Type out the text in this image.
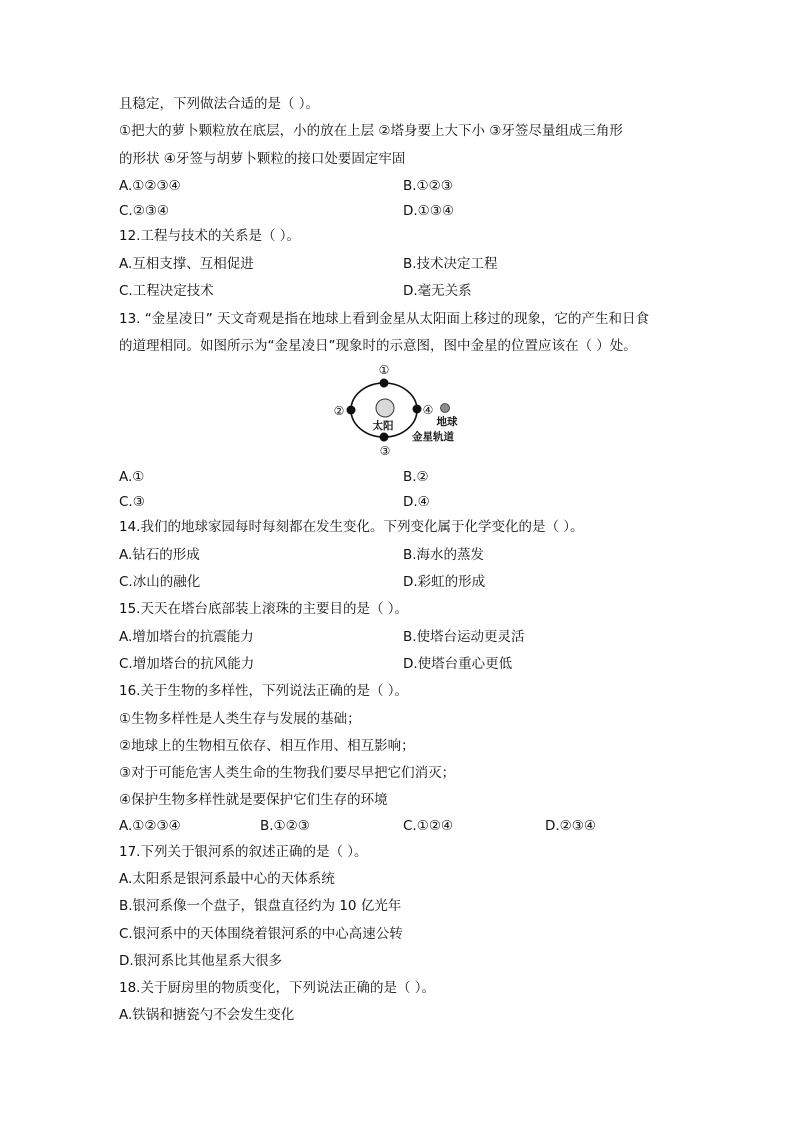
且稳定，下列做法合适的是（ ）。
①把大的萝卜颗粒放在底层，小的放在上层 ②塔身要上大下小 ③牙签尽量组成三角形
的形状 ④牙签与胡萝卜颗粒的接口处要固定牢固
A.①②③④	B.①②③
C.②③④	D.①③④
12.工程与技术的关系是（ ）。
A.互相支撑、互相促进	B.技术决定工程
C.工程决定技术	D.毫无关系
13. “金星凌日” 天文奇观是指在地球上看到金星从太阳面上移过的现象，它的产生和日食
的道理相同。如图所示为“金星凌日”现象时的示意图，图中金星的位置应该在（ ）处。
太阳
①
②
③
④
地球
金星轨道
A.①	B.②
C.③	D.④
14.我们的地球家园每时每刻都在发生变化。下列变化属于化学变化的是（ ）。
A.钻石的形成	B.海水的蒸发
C.冰山的融化	D.彩虹的形成
15.天天在塔台底部装上滚珠的主要目的是（ ）。
A.增加塔台的抗震能力	B.使塔台运动更灵活
C.增加塔台的抗风能力	D.使塔台重心更低
16.关于生物的多样性，下列说法正确的是（ ）。
①生物多样性是人类生存与发展的基础；
②地球上的生物相互依存、相互作用、相互影响；
③对于可能危害人类生命的生物我们要尽早把它们消灭；
④保护生物多样性就是要保护它们生存的环境
A.①②③④	B.①②③	C.①②④	D.②③④
17.下列关于银河系的叙述正确的是（ ）。
A.太阳系是银河系最中心的天体系统
B.银河系像一个盘子，银盘直径约为 10 亿光年
C.银河系中的天体围绕着银河系的中心高速公转
D.银河系比其他星系大很多
18.关于厨房里的物质变化，下列说法正确的是（ ）。
A.铁锅和搪瓷勺不会发生变化
